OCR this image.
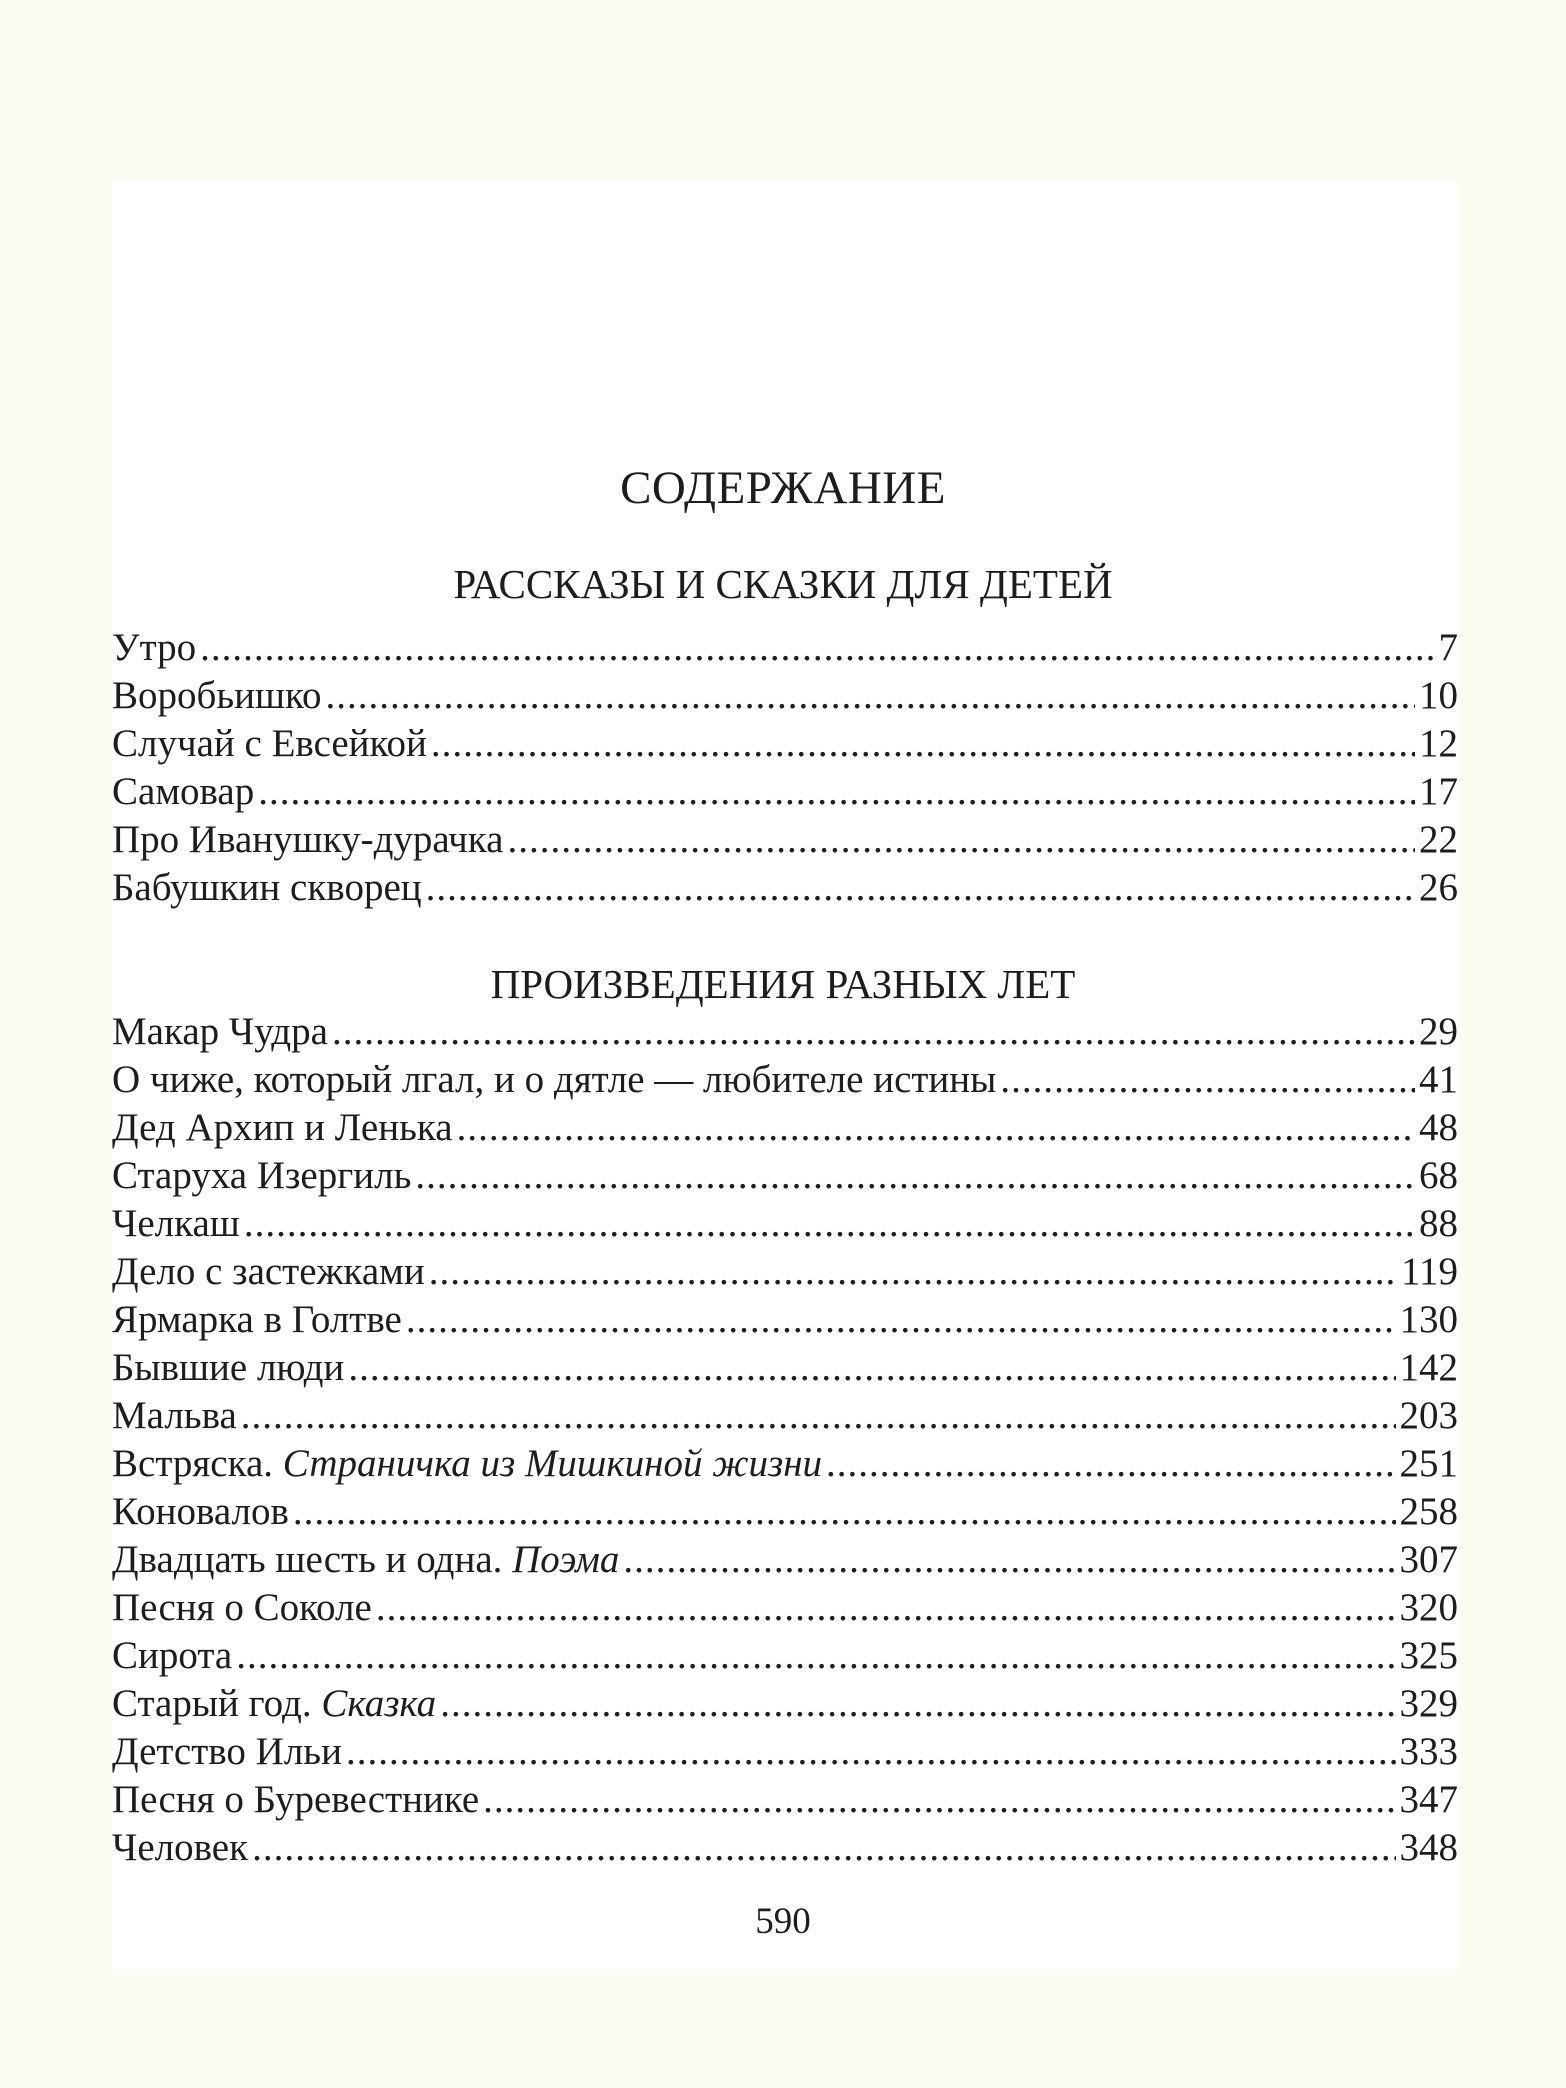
СОДЕРЖАНИЕ
РАССКАЗЫ И СКАЗКИ ДЛЯ ДЕТЕЙ
Утро .....	7
Воробьишко .....	10
Случай с Евсейкой .....	12
Самовар .....	17
Про Иванушку-дурачка .....	22
Бабушкин скворец .....	26
ПРОИЗВЕДЕНИЯ РАЗНЫХ ЛЕТ
Макар Чудра .....	29
О чиже, который лгал, и о дятле — любителе истины .....	41
Дед Архип и Ленька .....	48
Старуха Изергиль .....	68
Челкаш .....	88
Дело с застежками .....	119
Ярмарка в Голтве .....	130
Бывшие люди .....	142
Мальва .....	203
Встряска. Страничка из Мишкиной жизни .....	251
Коновалов .....	258
Двадцать шесть и одна. Поэма .....	307
Песня о Соколе .....	320
Сирота .....	325
Старый год. Сказка .....	329
Детство Ильи .....	333
Песня о Буревестнике .....	347
Человек .....	348
590
